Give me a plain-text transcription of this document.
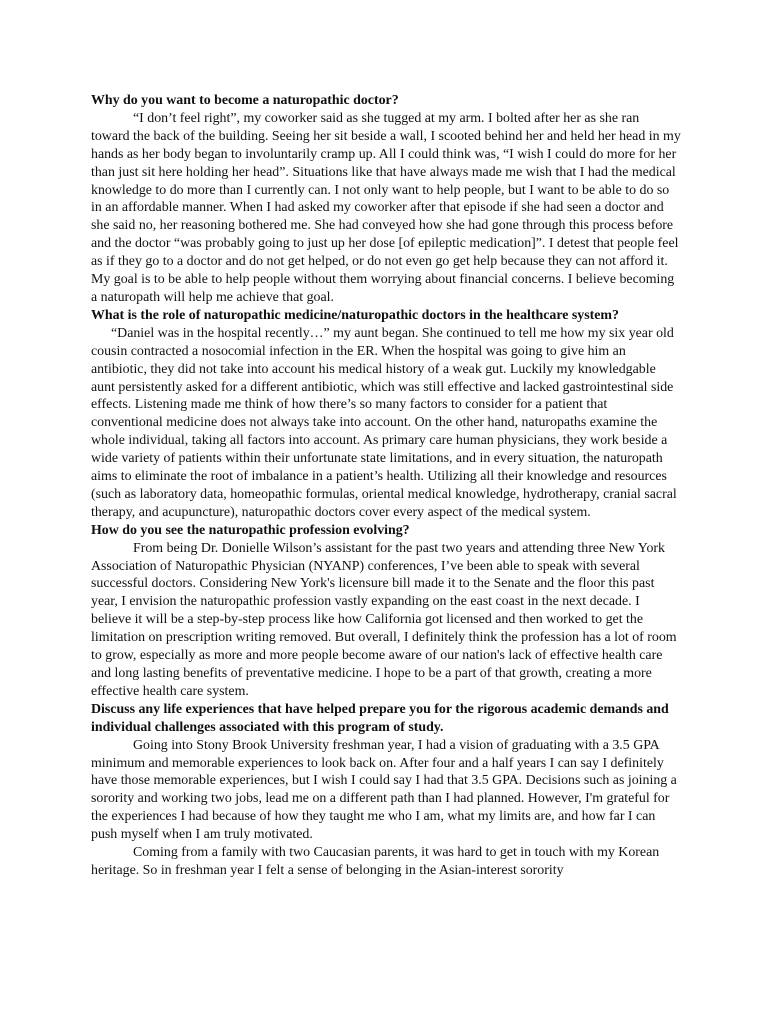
Why do you want to become a naturopathic doctor?

“I don’t feel right”, my coworker said as she tugged at my arm. I bolted after her as she ran toward the back of the building. Seeing her sit beside a wall, I scooted behind her and held her head in my hands as her body began to involuntarily cramp up. All I could think was, “I wish I could do more for her than just sit here holding her head”. Situations like that have always made me wish that I had the medical knowledge to do more than I currently can. I not only want to help people, but I want to be able to do so in an affordable manner. When I had asked my coworker after that episode if she had seen a doctor and she said no, her reasoning bothered me. She had conveyed how she had gone through this process before and the doctor “was probably going to just up her dose [of epileptic medication]”. I detest that people feel as if they go to a doctor and do not get helped, or do not even go get help because they can not afford it. My goal is to be able to help people without them worrying about financial concerns. I believe becoming a naturopath will help me achieve that goal.

What is the role of naturopathic medicine/naturopathic doctors in the healthcare system?

“Daniel was in the hospital recently…” my aunt began. She continued to tell me how my six year old cousin contracted a nosocomial infection in the ER. When the hospital was going to give him an antibiotic, they did not take into account his medical history of a weak gut. Luckily my knowledgable aunt persistently asked for a different antibiotic, which was still effective and lacked gastrointestinal side effects. Listening made me think of how there’s so many factors to consider for a patient that conventional medicine does not always take into account. On the other hand, naturopaths examine the whole individual, taking all factors into account. As primary care human physicians, they work beside a wide variety of patients within their unfortunate state limitations, and in every situation, the naturopath aims to eliminate the root of imbalance in a patient’s health. Utilizing all their knowledge and resources (such as laboratory data, homeopathic formulas, oriental medical knowledge, hydrotherapy, cranial sacral therapy, and acupuncture), naturopathic doctors cover every aspect of the medical system.

How do you see the naturopathic profession evolving?

From being Dr. Donielle Wilson’s assistant for the past two years and attending three New York Association of Naturopathic Physician (NYANP) conferences, I’ve been able to speak with several successful doctors. Considering New York's licensure bill made it to the Senate and the floor this past year, I envision the naturopathic profession vastly expanding on the east coast in the next decade. I believe it will be a step-by-step process like how California got licensed and then worked to get the limitation on prescription writing removed. But overall, I definitely think the profession has a lot of room to grow, especially as more and more people become aware of our nation's lack of effective health care and long lasting benefits of preventative medicine. I hope to be a part of that growth, creating a more effective health care system.

Discuss any life experiences that have helped prepare you for the rigorous academic demands and individual challenges associated with this program of study.

Going into Stony Brook University freshman year, I had a vision of graduating with a 3.5 GPA minimum and memorable experiences to look back on. After four and a half years I can say I definitely have those memorable experiences, but I wish I could say I had that 3.5 GPA. Decisions such as joining a sorority and working two jobs, lead me on a different path than I had planned. However, I'm grateful for the experiences I had because of how they taught me who I am, what my limits are, and how far I can push myself when I am truly motivated.

Coming from a family with two Caucasian parents, it was hard to get in touch with my Korean heritage. So in freshman year I felt a sense of belonging in the Asian-interest sorority
